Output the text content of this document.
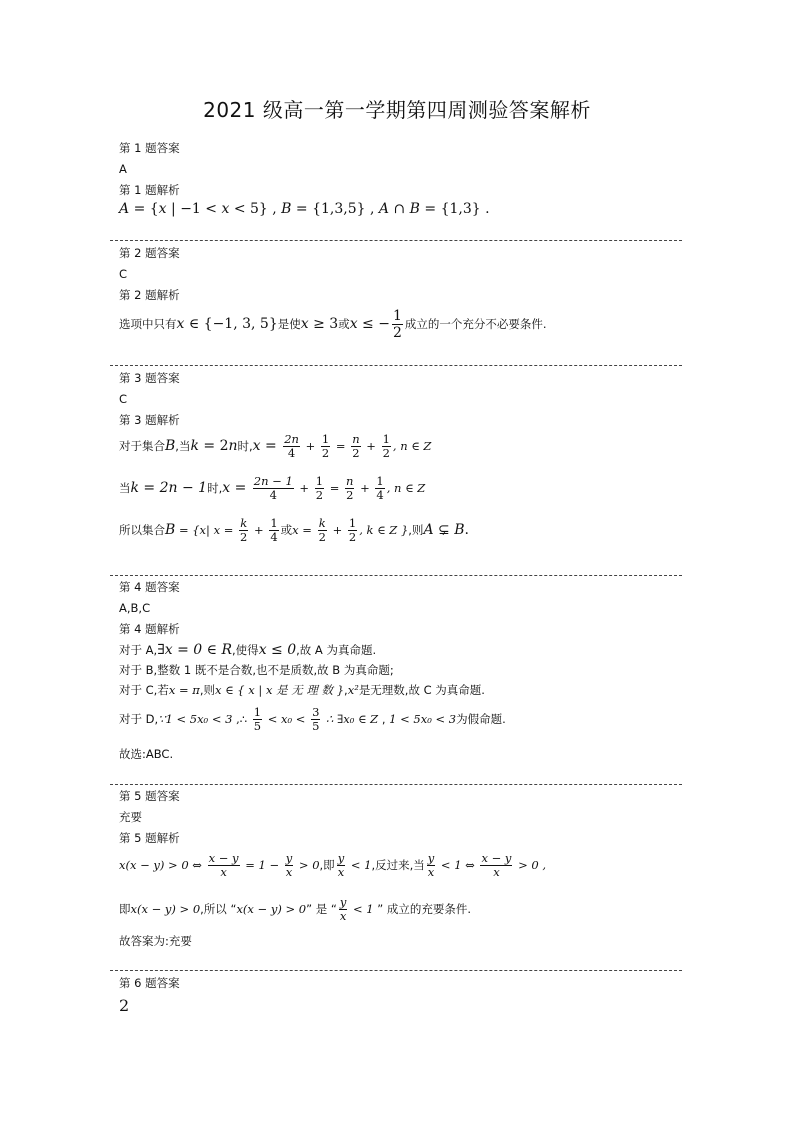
2021 级高一第一学期第四周测验答案解析
第 1 题答案
A
第 1 题解析
A = {x | −1 < x < 5} , B = {1,3,5} , A ∩ B = {1,3} .
第 2 题答案
C
第 2 题解析
选项中只有x ∈ {−1, 3, 5}是使x ≥ 3或x ≤ − $\frac{1}{2}$ 成立的一个充分不必要条件.
第 3 题答案
C
第 3 题解析
对于集合B,当k = 2n时$,x = \frac{2n}{4} + \frac{1}{2} = \frac{n}{2} + \frac{1}{2}$ , n ∈ Z
当k = 2n − 1时$,x = \frac{2n - 1}{4} + \frac{1}{2} = \frac{n}{2} + \frac{1}{4}$ , n ∈ Z
所以集合B = {x| $x = \frac{k}{2} + \frac{1}{4}$ 或$x = \frac{k}{2} + \frac{1}{2}$ , k ∈ Z },则A ⊊ B.
第 4 题答案
A,B,C
第 4 题解析
对于 A,∃x = 0 ∈ R,使得x ≤ 0,故 A 为真命题.
对于 B,整数 1 既不是合数,也不是质数,故 B 为真命题;
对于 C,若x = π,则x ∈ { x | x 是 无 理 数 },x²是无理数,故 C 为真命题.
对于 D,∵1 < 5x₀ < 3 ,∴ $\frac{1}{5} < x_0 < \frac{3}{5}$ ∴ ∃x₀ ∈ Z , 1 < 5x₀ < 3为假命题.
故选:ABC.
第 5 题答案
充要
第 5 题解析
x(x − y) > 0 ⇔ $\frac{x - y}{x} = 1 - \frac{y}{x} > 0$,即 $\frac{y}{x} < 1$,反过来,当 $\frac{y}{x} < 1$ ⇔ $\frac{x - y}{x} > 0$ ,
即x(x − y) > 0,所以 “x(x − y) > 0” 是 “ $\frac{y}{x} < 1$ ” 成立的充要条件.
故答案为:充要
第 6 题答案
2
